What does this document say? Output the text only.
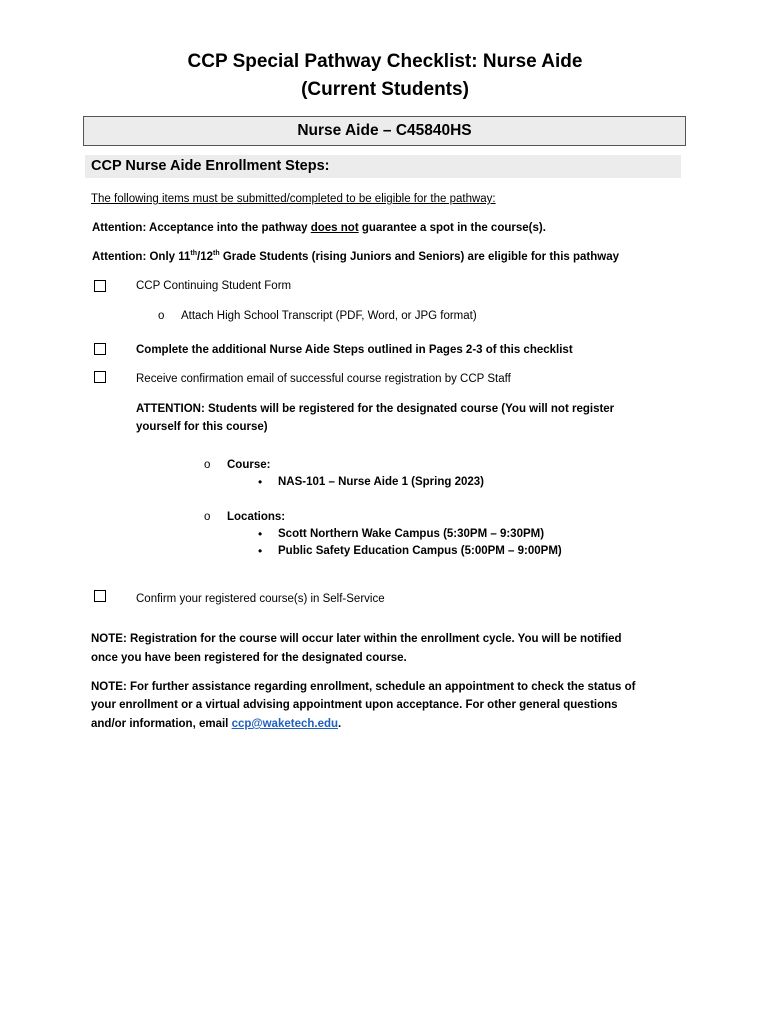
CCP Special Pathway Checklist: Nurse Aide
(Current Students)
Nurse Aide – C45840HS
CCP Nurse Aide Enrollment Steps:
The following items must be submitted/completed to be eligible for the pathway:
Attention: Acceptance into the pathway does not guarantee a spot in the course(s).
Attention: Only 11th/12th Grade Students (rising Juniors and Seniors) are eligible for this pathway
CCP Continuing Student Form
o Attach High School Transcript (PDF, Word, or JPG format)
Complete the additional Nurse Aide Steps outlined in Pages 2-3 of this checklist
Receive confirmation email of successful course registration by CCP Staff
ATTENTION: Students will be registered for the designated course (You will not register
yourself for this course)
o Course:
• NAS-101 – Nurse Aide 1 (Spring 2023)
o Locations:
• Scott Northern Wake Campus (5:30PM – 9:30PM)
• Public Safety Education Campus (5:00PM – 9:00PM)
Confirm your registered course(s) in Self-Service
NOTE: Registration for the course will occur later within the enrollment cycle. You will be notified
once you have been registered for the designated course.
NOTE: For further assistance regarding enrollment, schedule an appointment to check the status of
your enrollment or a virtual advising appointment upon acceptance. For other general questions
and/or information, email ccp@waketech.edu.
